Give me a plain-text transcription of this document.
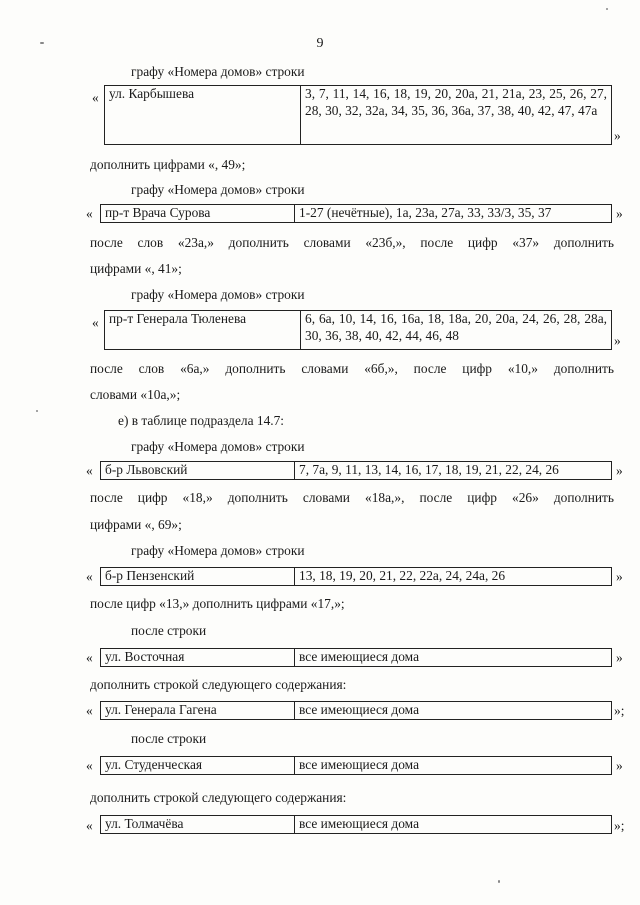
9
графу «Номера домов» строки
« ул. Карбышева	3, 7, 11, 14, 16, 18, 19, 20, 20а, 21, 21а, 23, 25, 26, 27, 28, 30, 32, 32а, 34, 35, 36, 36а, 37, 38, 40, 42, 47, 47а
»
дополнить цифрами «, 49»;
графу «Номера домов» строки
« пр-т Врача Сурова	1-27 (нечётные), 1а, 23а, 27а, 33, 33/3, 35, 37	»
после слов «23а,» дополнить словами «23б,», после цифр «37» дополнить
цифрами «, 41»;
графу «Номера домов» строки
« пр-т Генерала Тюленева	6, 6а, 10, 14, 16, 16а, 18, 18а, 20, 20а, 24, 26, 28, 28а, 30, 36, 38, 40, 42, 44, 46, 48	»
после слов «6а,» дополнить словами «6б,», после цифр «10,» дополнить
словами «10а,»;
е) в таблице подраздела 14.7:
графу «Номера домов» строки
« б-р Львовский	7, 7а, 9, 11, 13, 14, 16, 17, 18, 19, 21, 22, 24, 26	»
после цифр «18,» дополнить словами «18а,», после цифр «26» дополнить
цифрами «, 69»;
графу «Номера домов» строки
« б-р Пензенский	13, 18, 19, 20, 21, 22, 22а, 24, 24а, 26	»
после цифр «13,» дополнить цифрами «17,»;
после строки
« ул. Восточная	все имеющиеся дома	»
дополнить строкой следующего содержания:
« ул. Генерала Гагена	все имеющиеся дома	»;
после строки
« ул. Студенческая	все имеющиеся дома	»
дополнить строкой следующего содержания:
« ул. Толмачёва	все имеющиеся дома	»;
